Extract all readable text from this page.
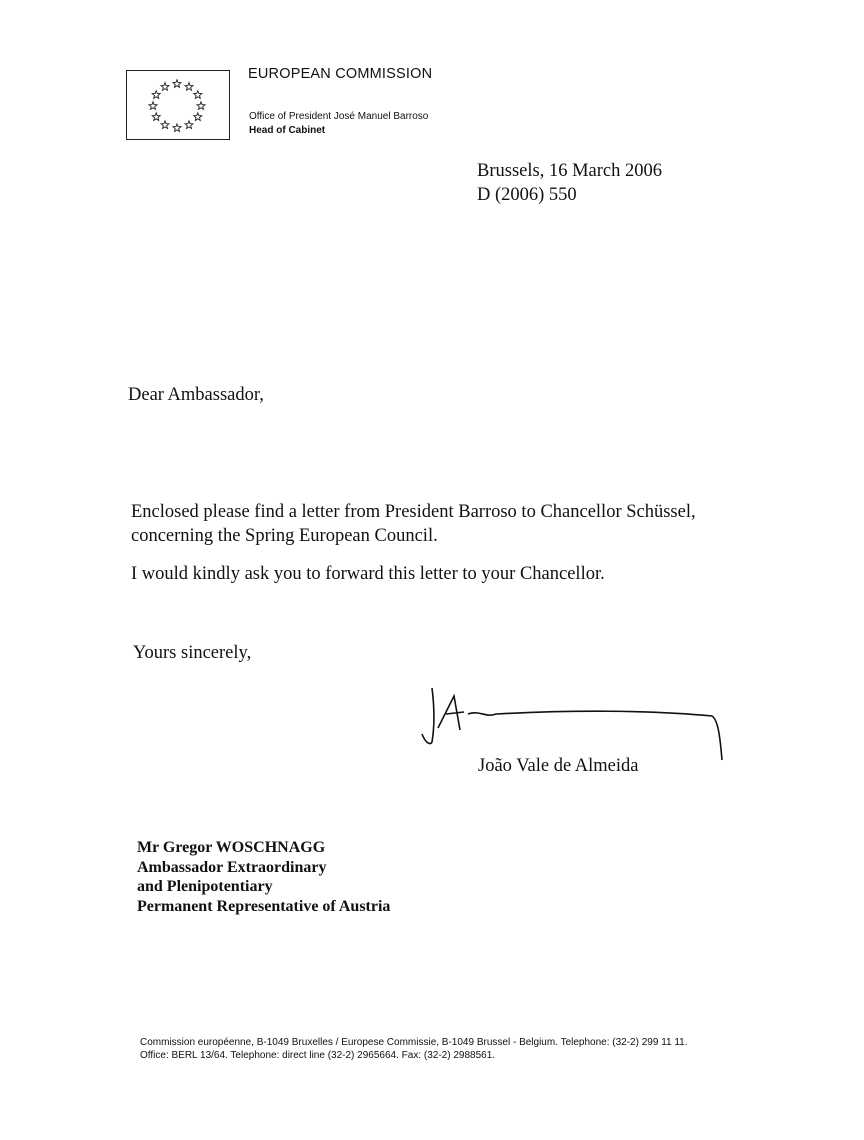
EUROPEAN COMMISSION
Office of President José Manuel Barroso
Head of Cabinet
Brussels, 16 March 2006
D (2006) 550
Dear Ambassador,
Enclosed please find a letter from President Barroso to Chancellor Schüssel, concerning the Spring European Council.
I would kindly ask you to forward this letter to your Chancellor.
Yours sincerely,
João Vale de Almeida
Mr Gregor WOSCHNAGG
Ambassador Extraordinary
and Plenipotentiary
Permanent Representative of Austria
Commission européenne, B-1049 Bruxelles / Europese Commissie, B-1049 Brussel - Belgium. Telephone: (32-2) 299 11 11.
Office: BERL 13/64. Telephone: direct line (32-2) 2965664. Fax: (32-2) 2988561.
